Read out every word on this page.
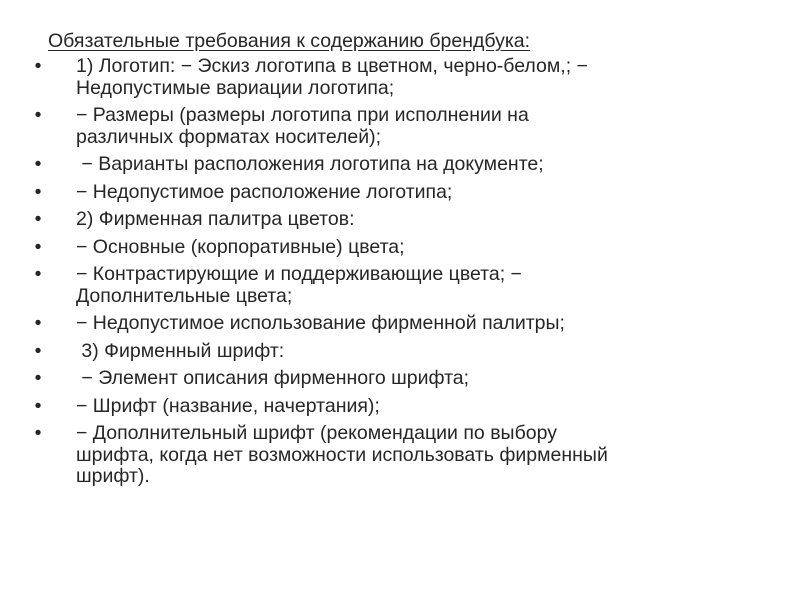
Обязательные требования к содержанию брендбука:
•	1) Логотип: − Эскиз логотипа в цветном, черно-белом,; −
Недопустимые вариации логотипа;
•	− Размеры (размеры логотипа при исполнении на
различных форматах носителей);
•	− Варианты расположения логотипа на документе;
•	− Недопустимое расположение логотипа;
•	2) Фирменная палитра цветов:
•	− Основные (корпоративные) цвета;
•	− Контрастирующие и поддерживающие цвета; −
Дополнительные цвета;
•	− Недопустимое использование фирменной палитры;
•	3) Фирменный шрифт:
•	− Элемент описания фирменного шрифта;
•	− Шрифт (название, начертания);
•	− Дополнительный шрифт (рекомендации по выбору
шрифта, когда нет возможности использовать фирменный
шрифт).
